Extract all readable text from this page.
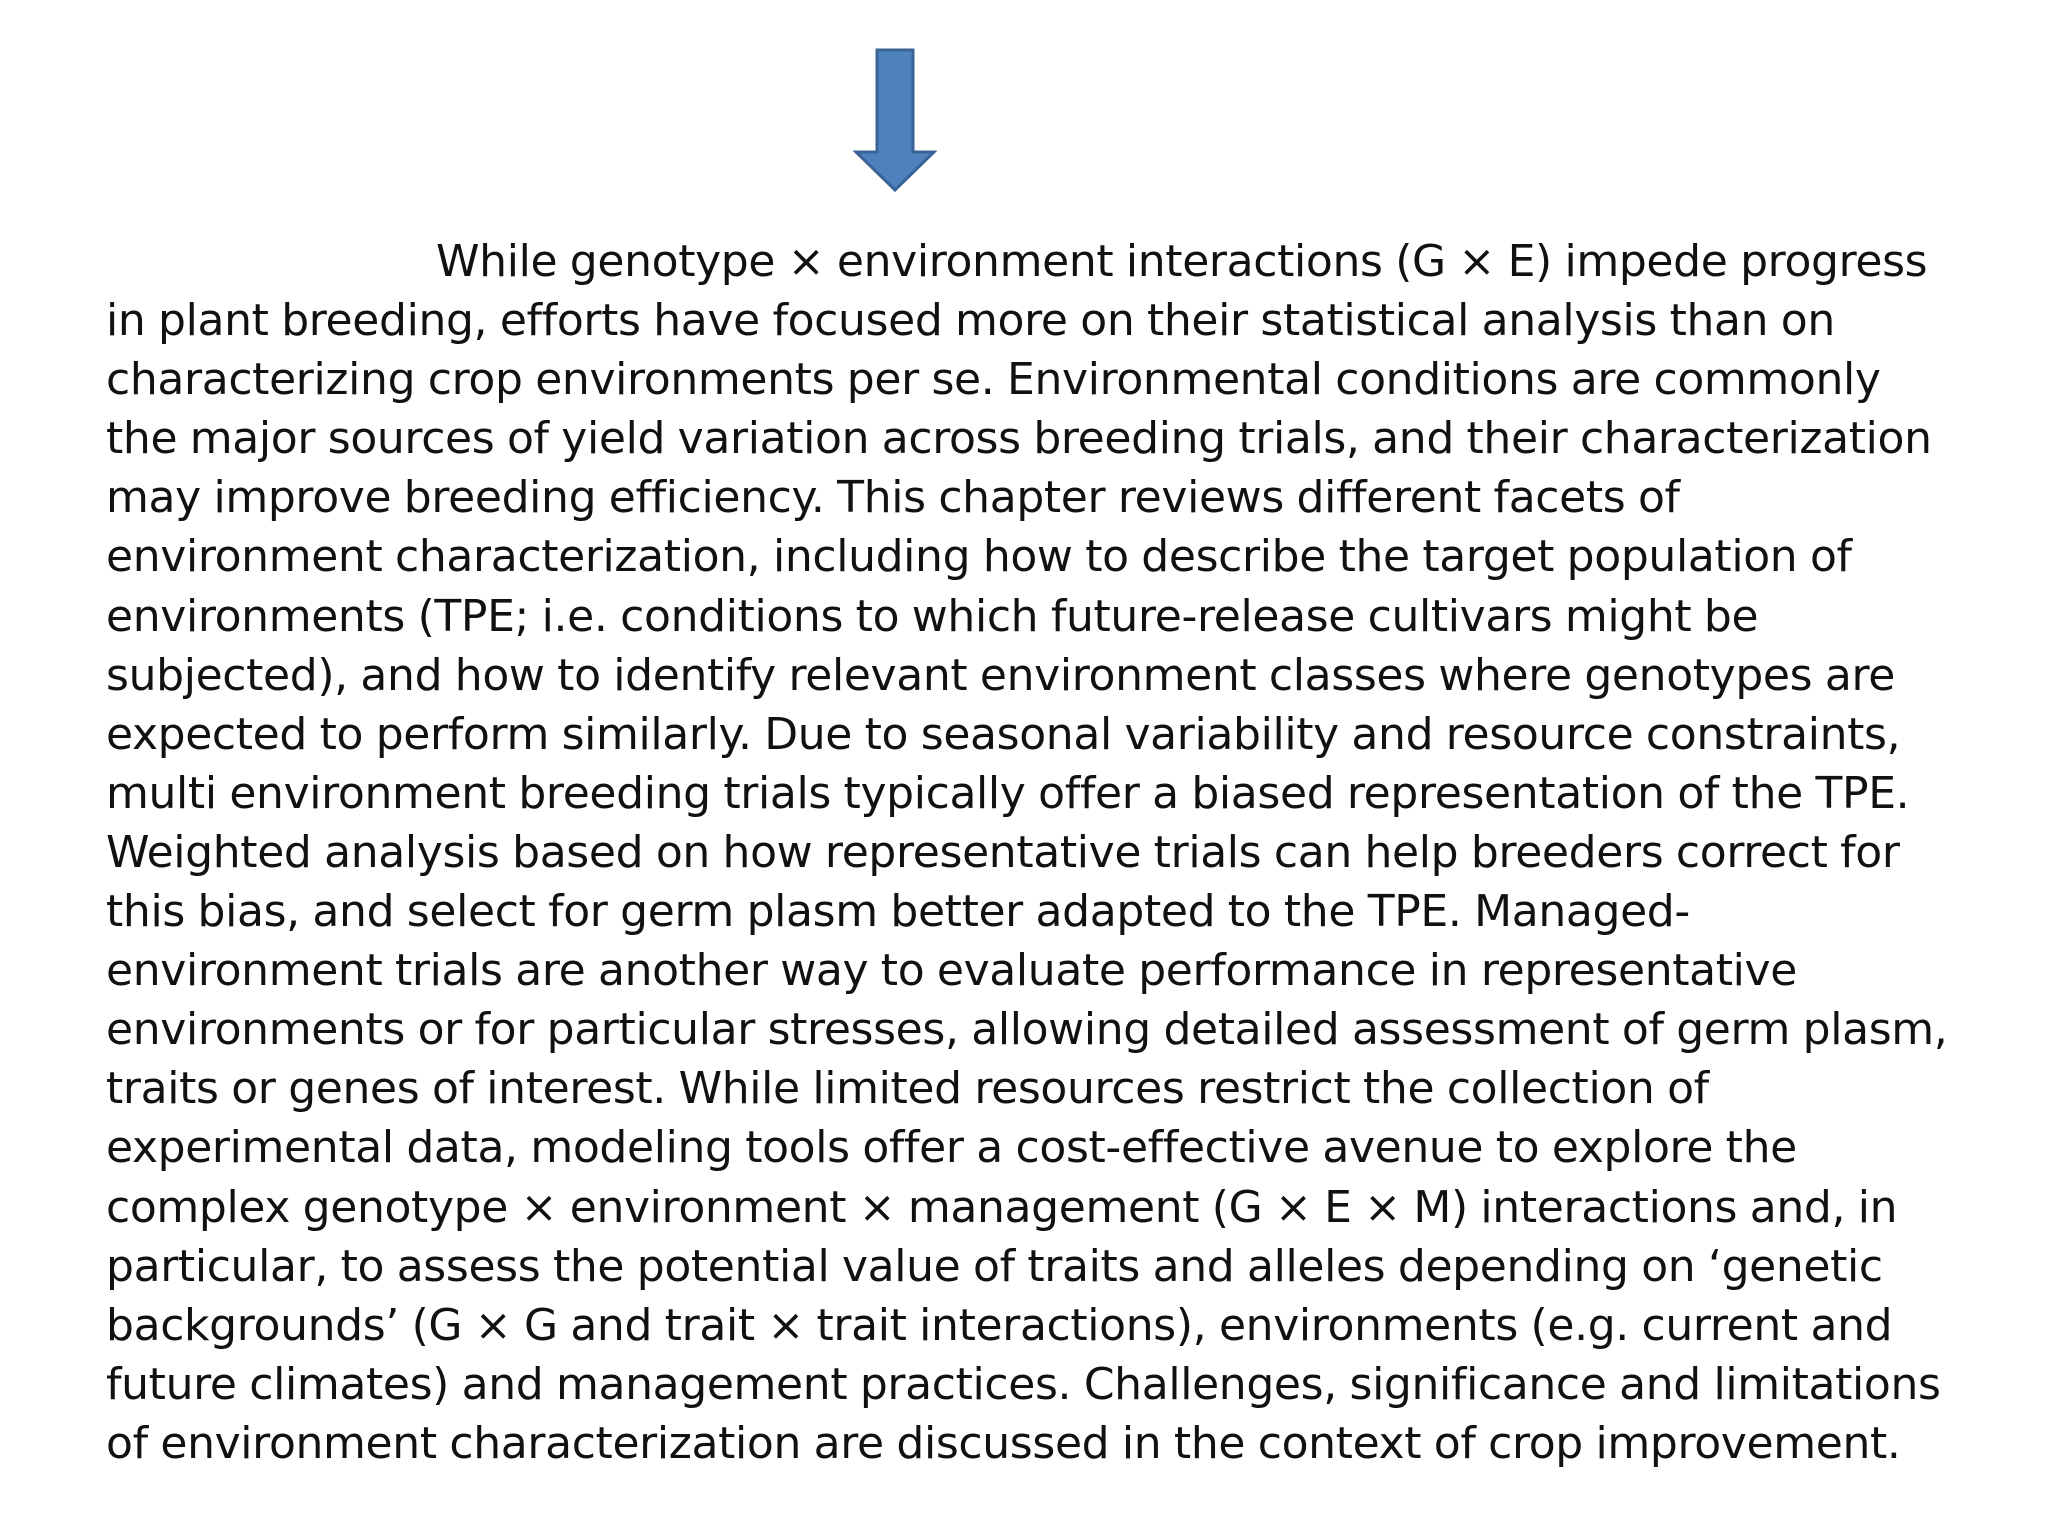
While genotype × environment interactions (G × E) impede progress
in plant breeding, efforts have focused more on their statistical analysis than on
characterizing crop environments per se. Environmental conditions are commonly
the major sources of yield variation across breeding trials, and their characterization
may improve breeding efficiency. This chapter reviews different facets of
environment characterization, including how to describe the target population of
environments (TPE; i.e. conditions to which future-release cultivars might be
subjected), and how to identify relevant environment classes where genotypes are
expected to perform similarly. Due to seasonal variability and resource constraints,
multi environment breeding trials typically offer a biased representation of the TPE.
Weighted analysis based on how representative trials can help breeders correct for
this bias, and select for germ plasm better adapted to the TPE. Managed-
environment trials are another way to evaluate performance in representative
environments or for particular stresses, allowing detailed assessment of germ plasm,
traits or genes of interest. While limited resources restrict the collection of
experimental data, modeling tools offer a cost-effective avenue to explore the
complex genotype × environment × management (G × E × M) interactions and, in
particular, to assess the potential value of traits and alleles depending on ‘genetic
backgrounds’ (G × G and trait × trait interactions), environments (e.g. current and
future climates) and management practices. Challenges, significance and limitations
of environment characterization are discussed in the context of crop improvement.
